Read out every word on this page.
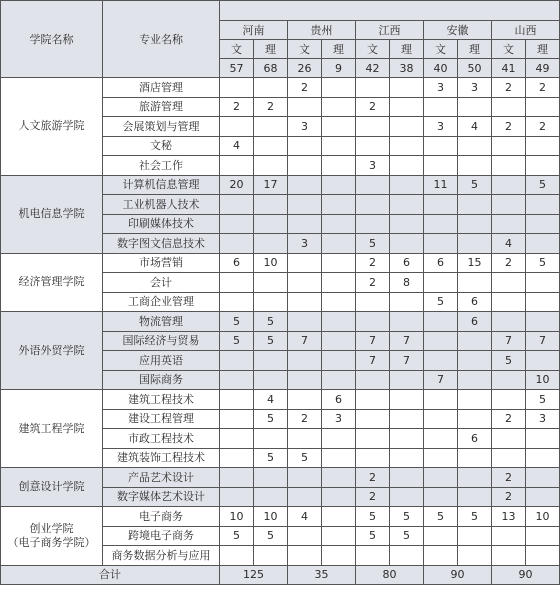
学院名称	专业名称										
		河南		贵州		江西		安徽		山西	
		文	理	文	理	文	理	文	理	文	理
		57	68	26	9	42	38	40	50	41	49
人文旅游学院	酒店管理			2				3	3	2	2
	旅游管理	2	2			2					
	会展策划与管理			3				3	4	2	2
	文秘	4									
	社会工作					3					
机电信息学院	计算机信息管理	20	17					11	5		5
	工业机器人技术										
	印刷媒体技术										
	数字图文信息技术			3		5				4	
经济管理学院	市场营销	6	10			2	6	6	15	2	5
	会计					2	8				
	工商企业管理							5	6		
外语外贸学院	物流管理	5	5						6		
	国际经济与贸易	5	5	7		7	7			7	7
	应用英语					7	7			5	
	国际商务							7			10
建筑工程学院	建筑工程技术		4		6						5
	建设工程管理		5	2	3					2	3
	市政工程技术								6		
	建筑装饰工程技术		5	5							
创意设计学院	产品艺术设计					2				2	
	数字媒体艺术设计					2				2	
创业学院
（电子商务学院）	电子商务	10	10	4		5	5	5	5	13	10
	跨境电子商务	5	5			5	5				
	商务数据分析与应用										
合计		125		35		80		90		90	
